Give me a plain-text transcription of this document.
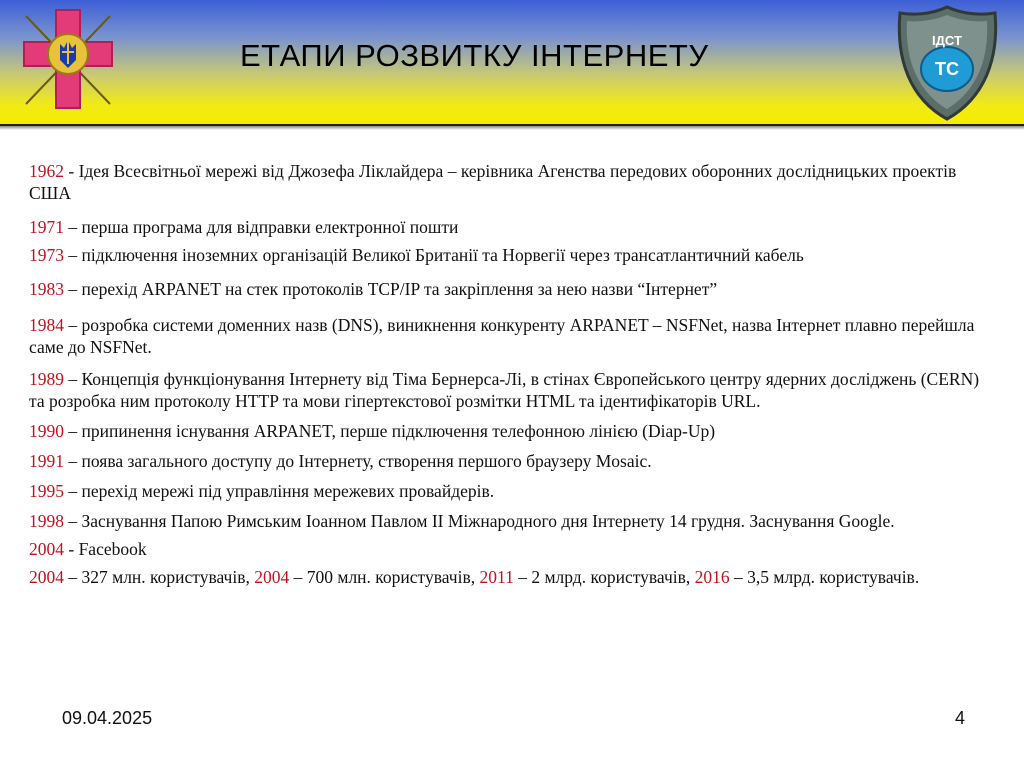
ІДСТ
ТС
ЕТАПИ РОЗВИТКУ ІНТЕРНЕТУ

1962 - Ідея Всесвітньої мережі від Джозефа Ліклайдера – керівника Агенства передових оборонних дослідницьких проектів США

1971 – перша програма для відправки електронної пошти

1973 – підключення іноземних організацій Великої Британії та Норвегії через трансатлантичний кабель

1983 – перехід ARPANET на стек протоколів TCP/IP та закріплення за нею назви “Інтернет”

1984 – розробка системи доменних назв (DNS), виникнення конкуренту ARPANET – NSFNet, назва Інтернет плавно перейшла саме до NSFNet.

1989 – Концепція функціонування Інтернету від Тіма Бернерса-Лі, в стінах Європейського центру ядерних досліджень (CERN) та розробка ним протоколу HTTP та мови гіпертекстової розмітки HTML та ідентифікаторів URL.

1990 – припинення існування ARPANET, перше підключення телефонною лінією (Diap-Up)

1991 – поява загального доступу до Інтернету, створення першого браузеру Mosaic.

1995 – перехід мережі під управління мережевих провайдерів.

1998 – Заснування Папою Римським Іоанном Павлом ІІ Міжнародного дня Інтернету 14 грудня. Заснування Google.

2004 - Facebook

2004 – 327 млн. користувачів, 2004 – 700 млн. користувачів, 2011 – 2 млрд. користувачів, 2016 – 3,5 млрд. користувачів.

09.04.2025	4
